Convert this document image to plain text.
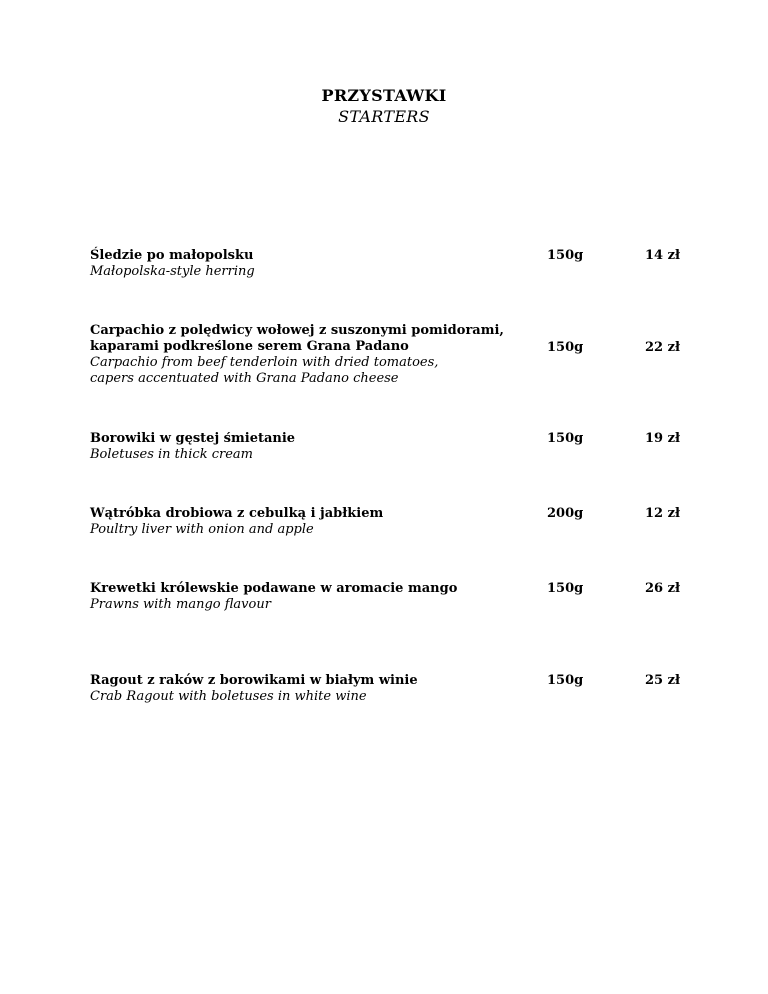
PRZYSTAWKI
STARTERS
Śledzie po małopolsku
Małopolska-style herring
150g	14 zł
Carpachio z polędwicy wołowej z suszonymi pomidorami,
kaparami podkreślone serem Grana Padano
Carpachio from beef tenderloin with dried tomatoes,
capers accentuated with Grana Padano cheese
150g	22 zł
Borowiki w gęstej śmietanie
Boletuses in thick cream
150g	19 zł
Wątróbka drobiowa z cebulką i jabłkiem
Poultry liver with onion and apple
200g	12 zł
Krewetki królewskie podawane w aromacie mango
Prawns with mango flavour
150g	26 zł
Ragout z raków z borowikami w białym winie
Crab Ragout with boletuses in white wine
150g	25 zł
